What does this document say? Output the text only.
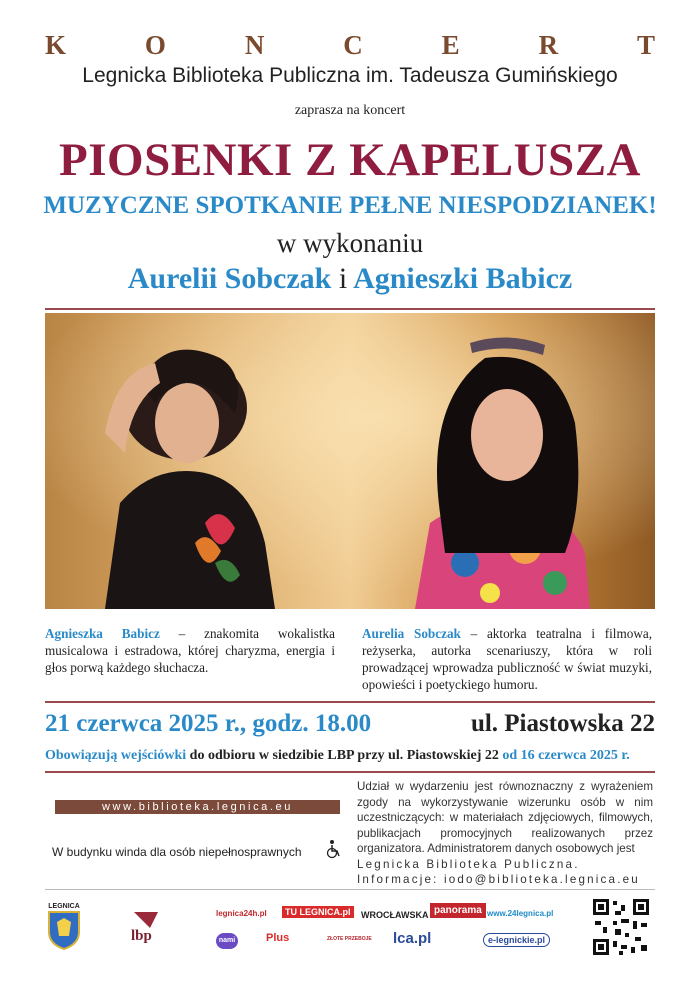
K	O	N	C	E	R	T
Legnicka Biblioteka Publiczna im. Tadeusza Gumińskiego
zaprasza na koncert
PIOSENKI Z KAPELUSZA
MUZYCZNE SPOTKANIE PEŁNE NIESPODZIANEK!
w wykonaniu
Aurelii Sobczak i Agnieszki Babicz
Agnieszka Babicz – znakomita wokalistka musicalowa i estradowa, której charyzma, energia i głos porwą każdego słuchacza.
Aurelia Sobczak – aktorka teatralna i filmowa, reżyserka, autorka scenariuszy, która w roli prowadzącej wprowadza publiczność w świat muzyki, opowieści i poetyckiego humoru.
21 czerwca 2025 r., godz. 18.00	ul. Piastowska 22
Obowiązują wejściówki do odbioru w siedzibie LBP przy ul. Piastowskiej 22 od 16 czerwca 2025 r.
www.biblioteka.legnica.eu
W budynku winda dla osób niepełnosprawnych
Udział w wydarzeniu jest równoznaczny z wyrażeniem zgody na wykorzystywanie wizerunku osób w nim uczestniczących: w materiałach zdjęciowych, filmowych, publikacjach promocyjnych realizowanych przez organizatora. Administratorem danych osobowych jest
Legnicka Biblioteka Publiczna.
Informacje: iodo@biblioteka.legnica.eu
LEGNICA
lbp
legnica24h.pl	TU LEGNICA.pl	WROCŁAWSKA panorama www.24legnica.pl
nami	Plus	ZŁOTE PRZEBOJE lca.pl	e-legnickie.pl
